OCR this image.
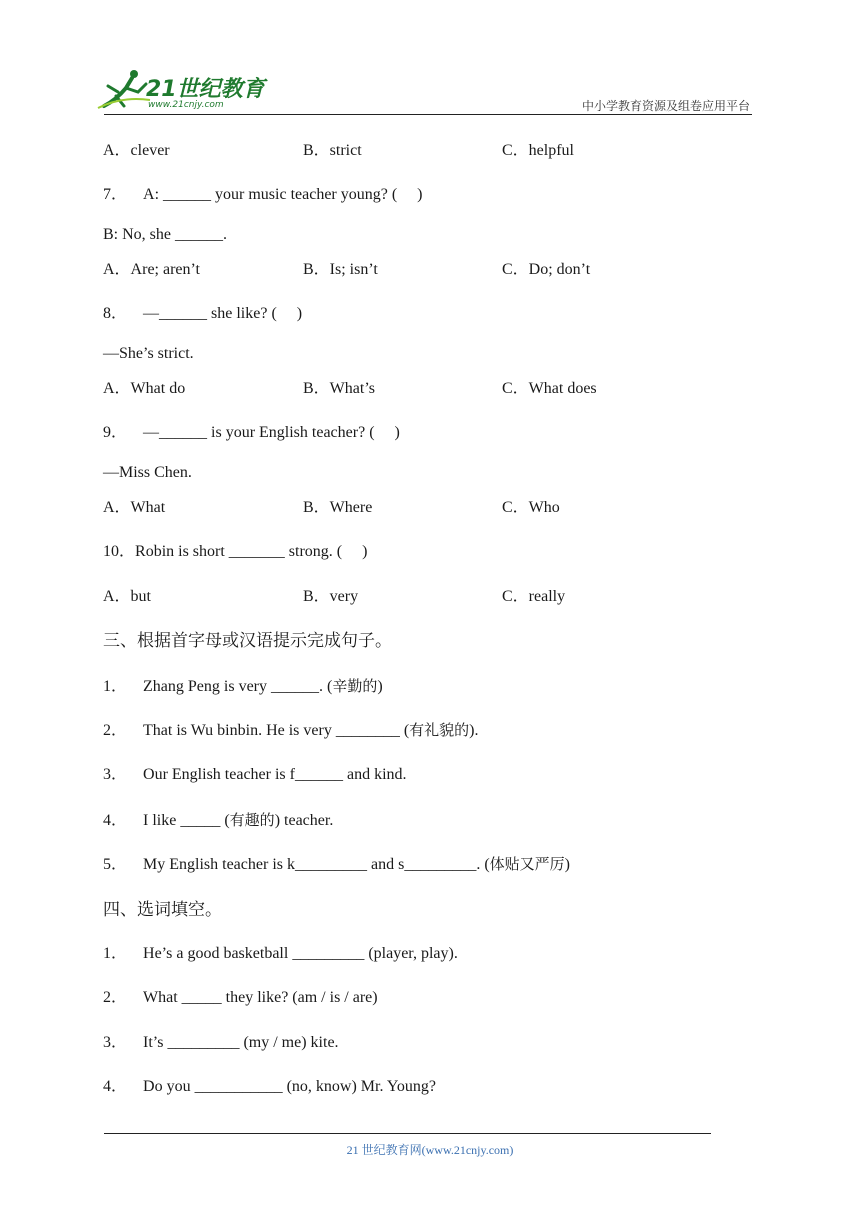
21世纪教育
www.21cnjy.com	中小学教育资源及组卷应用平台
A．clever	B．strict	C．helpful
7． A: ______ your music teacher young? (　 )
B: No, she ______.
A．Are; aren’t	B．Is; isn’t	C．Do; don’t
8． —______ she like? (　 )
—She’s strict.
A．What do	B．What’s	C．What does
9． —______ is your English teacher? (　 )
—Miss Chen.
A．What	B．Where	C．Who
10．Robin is short _______ strong. (　 )
A．but	B．very	C．really
三、根据首字母或汉语提示完成句子。
1． Zhang Peng is very ______. (辛勤的)
2． That is Wu binbin. He is very ________ (有礼貌的).
3． Our English teacher is f______ and kind.
4． I like _____ (有趣的) teacher.
5． My English teacher is k_________ and s_________. (体贴又严厉)
四、选词填空。
1． He’s a good basketball _________ (player, play).
2． What _____ they like? (am / is / are)
3． It’s _________ (my / me) kite.
4． Do you ___________ (no, know) Mr. Young?
21 世纪教育网(www.21cnjy.com)
